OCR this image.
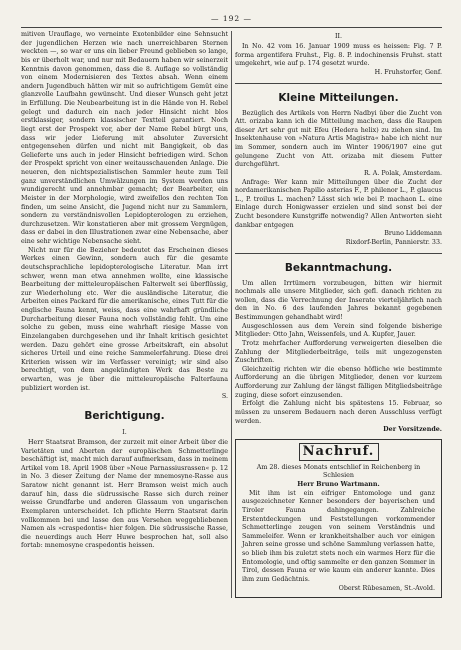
— 192 —

mitiven Urauflage, wo verneinte Exotenbilder eine Sehnsucht der jugendlichen Herzen wie nach unerreichbaren Sternen weckten —, so war er uns ein lieber Freund geblieben so lange, bis er überholt war, und nur mit Bedauern haben wir seinerzeit Kenntnis davon genommen, dass die 8. Auflage so vollständig von einem Modernisieren des Textes absah. Wenn einem andern Jugendbuch hätten wir mit so aufrichtigem Gemüt eine glanzvolle Laufbahn gewünscht. Und dieser Wunsch geht jetzt in Erfüllung. Die Neubearbeitung ist in die Hände von H. Rebel gelegt und dadurch ein nach jeder Hinsicht nicht blos erstklassiger, sondern klassischer Textteil garantiert. Noch liegt erst der Prospekt vor, aber der Name Rebel bürgt uns, dass wir jeder Lieferung mit absoluter Zuversicht entgegensehen dürfen und nicht mit Bangigkeit, ob das Gelieferte uns auch in jeder Hinsicht befriedigen wird. Schon der Prospekt spricht von einer weitausschauenden Anlage. Die neueren, den nichtspezialistischen Sammler heute zum Teil ganz unverständlichen Umwälzungen im System werden uns wundigerecht und annehmbar gemacht; der Bearbeiter, ein Meister in der Morphologie, wird zweifellos den rechten Ton finden, um seine Ansicht, die Jugend nicht nur zu Sammlern, sondern zu verständnisvollen Lepidopterologen zu erziehen, durchzusetzen. Wir konstatieren aber mit grossem Vergnügen, dass er dabei in den Illustrationen zwar eine Nebensache, aber eine sehr wichtige Nebensache sieht.

Nicht nur für die Bezieher bedeutet das Erscheinen dieses Werkes einen Gewinn, sondern auch für die gesamte deutschsprachliche lepidopterologische Literatur. Man irrt schwer, wenn man etwa annehmen wollte, eine klassische Bearbeitung der mitteleuropäischen Falterwelt sei überflüssig, zur Wiederholung etc. Wer die ausländische Literatur, die Arbeiten eines Packard für die amerikanische, eines Tutt für die englische Fauna kennt, weiss, dass eine wahrhaft gründliche Durcharbeitung dieser Fauna noch vollständig fehlt. Um eine solche zu geben, muss eine wahrhaft riesige Masse von Einzelangaben durchgesehen und ihr Inhalt kritisch gesichtet werden. Dazu gehört eine grosse Arbeitskraft, ein absolut sicheres Urteil und eine reiche Sammelerfahrung. Diese drei Kriterien wissen wir im Verfasser vereinigt; wir sind also berechtigt, von dem angekündigten Werk das Beste zu erwarten, was je über die mitteleuropäische Falterfauna publiziert worden ist.

S.
Berichtigung.
I.

Herr Staatsrat Bramson, der zurzeit mit einer Arbeit über die Varietäten und Aberten der europäischen Schmetterlinge beschäftigt ist, macht mich darauf aufmerksam, dass in meinem Artikel vom 18. April 1908 über »Neue Parnassiusrassen« p. 12 in No. 3 dieser Zeitung der Name der mnemosyne-Rasse aus Saratow nicht genannt ist. Herr Bramson weist mich auch darauf hin, dass die südrussische Rasse sich durch reiner weisse Grundfarbe und anderen Glassaum von ungarischen Exemplaren unterscheidet. Ich pflichte Herrn Staatsrat darin vollkommen bei und lasse den aus Versehen weggebliebenen Namen als »craspedontis« hier folgen. Die südrussische Rasse, die neuerdings auch Herr Huwe besprochen hat, soll also fortab: mnemosyne craspedontis heissen.

II.

In No. 42 vom 16. Januar 1909 muss es heissen: Fig. 7 P. forma argentifera Fruhst., Fig. 8. P. indochinensis Fruhst. statt umgekehrt, wie auf p. 174 gesetzt wurde.

H. Fruhstorfer, Genf.
Kleine Mitteilungen.

Bezüglich des Artikels von Herrn Nadbyi über die Zucht von Att. orizaba kann ich die Mitteilung machen, dass die Raupen dieser Art sehr gut mit Efeu (Hedera helix) zu ziehen sind. Im Insektenhause von »Natura Artis Magistra« habe ich nicht nur im Sommer, sondern auch im Winter 1906/1907 eine gut gelungene Zucht von Att. orizaba mit diesem Futter durchgeführt.

R. A. Polak, Amsterdam.

Anfrage: Wer kann mir Mitteilungen über die Zucht der nordamerikanischen Papilio asterias F., P. philenor L., P. glaucus L., P. troilus L. machen? Lässt sich wie bei P. machaon L. eine Einlage durch Honigwasser erzielen und sind sonst bei der Zucht besondere Kunstgriffe notwendig? Allen Antworten sieht dankbar entgegen

Bruno Liddemann
Rixdorf-Berlin, Pannierstr. 33.
Bekanntmachung.

Um allen Irrtümern vorzubeugen, bitten wir hiermit nochmals alle unsere Mitglieder, sich gefl. danach richten zu wollen, dass die Verrechnung der Inserate vierteljährlich nach den in No. 6 des laufenden Jahres bekannt gegebenen Bestimmungen gehandhabt wird!

Ausgeschlossen aus dem Verein sind folgende bisherige Mitglieder: Otto Jahn, Weissenfels, und A. Kupfer, Jauer.

Trotz mehrfacher Aufforderung verweigerten dieselben die Zahlung der Mitgliederbeiträge, teils mit ungezogensten Zuschriften.

Gleichzeitig richten wir die ebenso höfliche wie bestimmte Aufforderung an die übrigen Mitglieder, denen vor kurzem Aufforderung zur Zahlung der längst fälligen Mitgliedsbeiträge zuging, diese sofort einzusenden.

Erfolgt die Zahlung nicht bis spätestens 15. Februar, so müssen zu unserem Bedauern nach deren Ausschluss verfügt werden.

Der Vorsitzende.
Nachruf.
Am 28. dieses Monats entschlief in Reichenberg in Schlesien
Herr Bruno Wartmann.

Mit ihm ist ein eifriger Entomologe und ganz ausgezeichneter Kenner besonders der bayerischen und Tiroler Fauna dahingegangen. Zahlreiche Erstentdeckungen und Feststellungen vorkommender Schmetterlinge zeugen von seinem Verständnis und Sammeleifer. Wenn er krankheitshalber auch vor einigen Jahren seine grosse und schöne Sammlung verlassen hatte, so blieb ihm bis zuletzt stets noch ein warmes Herz für die Entomologie, und oftig sammelte er den ganzen Sommer in Tirol, dessen Fauna er wie kaum ein anderer kannte. Dies ihm zum Gedächtnis.

Oberst Rübesamen, St.-Avold.
